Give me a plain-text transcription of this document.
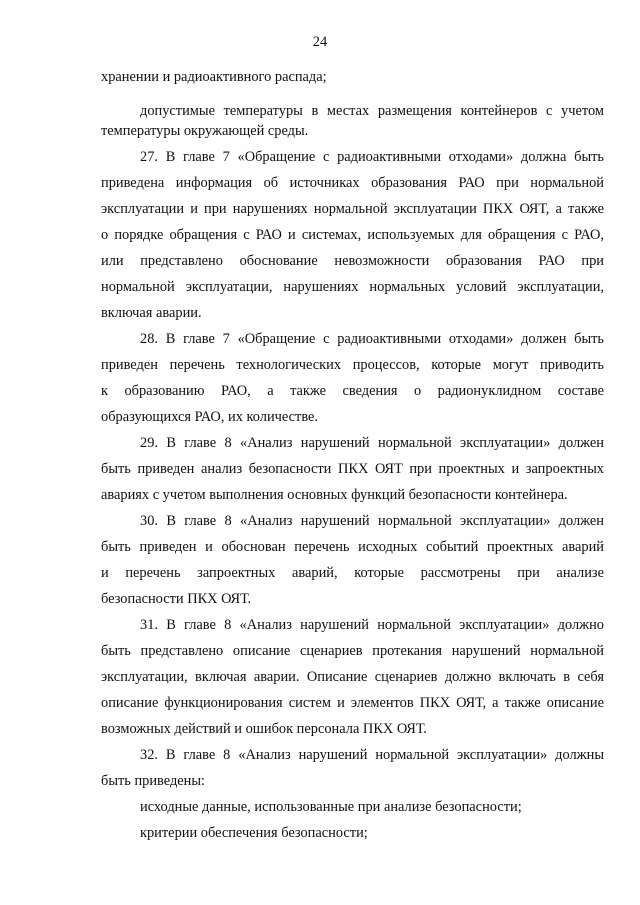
24
хранении и радиоактивного распада;
допустимые температуры в местах размещения контейнеров с учетом
температуры окружающей среды.
27. В главе 7 «Обращение с радиоактивными отходами» должна быть
приведена информация об источниках образования РАО при нормальной
эксплуатации и при нарушениях нормальной эксплуатации ПКХ ОЯТ, а также
о порядке обращения с РАО и системах, используемых для обращения с РАО,
или представлено обоснование невозможности образования РАО при
нормальной эксплуатации, нарушениях нормальных условий эксплуатации,
включая аварии.
28. В главе 7 «Обращение с радиоактивными отходами» должен быть
приведен перечень технологических процессов, которые могут приводить
к образованию РАО, а также сведения о радионуклидном составе
образующихся РАО, их количестве.
29. В главе 8 «Анализ нарушений нормальной эксплуатации» должен
быть приведен анализ безопасности ПКХ ОЯТ при проектных и запроектных
авариях с учетом выполнения основных функций безопасности контейнера.
30. В главе 8 «Анализ нарушений нормальной эксплуатации» должен
быть приведен и обоснован перечень исходных событий проектных аварий
и перечень запроектных аварий, которые рассмотрены при анализе
безопасности ПКХ ОЯТ.
31. В главе 8 «Анализ нарушений нормальной эксплуатации» должно
быть представлено описание сценариев протекания нарушений нормальной
эксплуатации, включая аварии. Описание сценариев должно включать в себя
описание функционирования систем и элементов ПКХ ОЯТ, а также описание
возможных действий и ошибок персонала ПКХ ОЯТ.
32. В главе 8 «Анализ нарушений нормальной эксплуатации» должны
быть приведены:
исходные данные, использованные при анализе безопасности;
критерии обеспечения безопасности;
